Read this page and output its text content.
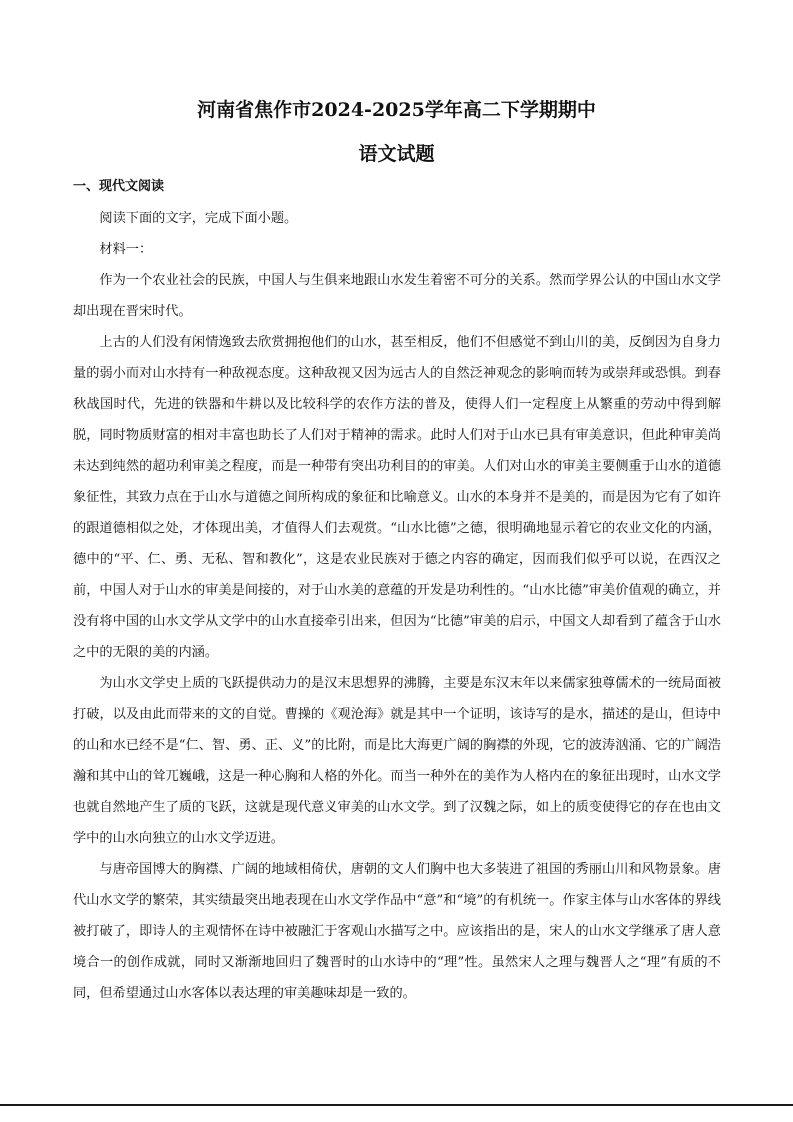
河南省焦作市2024-2025学年高二下学期期中
语文试题
一、现代文阅读

阅读下面的文字，完成下面小题。

材料一：

作为一个农业社会的民族，中国人与生俱来地跟山水发生着密不可分的关系。然而学界公认的中国山水文学却出现在晋宋时代。

上古的人们没有闲情逸致去欣赏拥抱他们的山水，甚至相反，他们不但感觉不到山川的美，反倒因为自身力量的弱小而对山水持有一种敌视态度。这种敌视又因为远古人的自然泛神观念的影响而转为或崇拜或恐惧。到春秋战国时代，先进的铁器和牛耕以及比较科学的农作方法的普及，使得人们一定程度上从繁重的劳动中得到解脱，同时物质财富的相对丰富也助长了人们对于精神的需求。此时人们对于山水已具有审美意识，但此种审美尚未达到纯然的超功利审美之程度，而是一种带有突出功利目的的审美。人们对山水的审美主要侧重于山水的道德象征性，其致力点在于山水与道德之间所构成的象征和比喻意义。山水的本身并不是美的，而是因为它有了如许的跟道德相似之处，才体现出美，才值得人们去观赏。“山水比德”之德，很明确地显示着它的农业文化的内涵，德中的“平、仁、勇、无私、智和教化”，这是农业民族对于德之内容的确定，因而我们似乎可以说，在西汉之前，中国人对于山水的审美是间接的，对于山水美的意蕴的开发是功利性的。“山水比德”审美价值观的确立，并没有将中国的山水文学从文学中的山水直接牵引出来，但因为“比德”审美的启示，中国文人却看到了蕴含于山水之中的无限的美的内涵。

为山水文学史上质的飞跃提供动力的是汉末思想界的沸腾，主要是东汉末年以来儒家独尊儒术的一统局面被打破，以及由此而带来的文的自觉。曹操的《观沧海》就是其中一个证明，该诗写的是水，描述的是山，但诗中的山和水已经不是“仁、智、勇、正、义”的比附，而是比大海更广阔的胸襟的外现，它的波涛汹涌、它的广阔浩瀚和其中山的耸兀巍峨，这是一种心胸和人格的外化。而当一种外在的美作为人格内在的象征出现时，山水文学也就自然地产生了质的飞跃，这就是现代意义审美的山水文学。到了汉魏之际，如上的质变使得它的存在也由文学中的山水向独立的山水文学迈进。

与唐帝国博大的胸襟、广阔的地域相倚伏，唐朝的文人们胸中也大多装进了祖国的秀丽山川和风物景象。唐代山水文学的繁荣，其实绩最突出地表现在山水文学作品中“意”和“境”的有机统一。作家主体与山水客体的界线被打破了，即诗人的主观情怀在诗中被融汇于客观山水描写之中。应该指出的是，宋人的山水文学继承了唐人意境合一的创作成就，同时又渐渐地回归了魏晋时的山水诗中的“理”性。虽然宋人之理与魏晋人之“理”有质的不同，但希望通过山水客体以表达理的审美趣味却是一致的。
